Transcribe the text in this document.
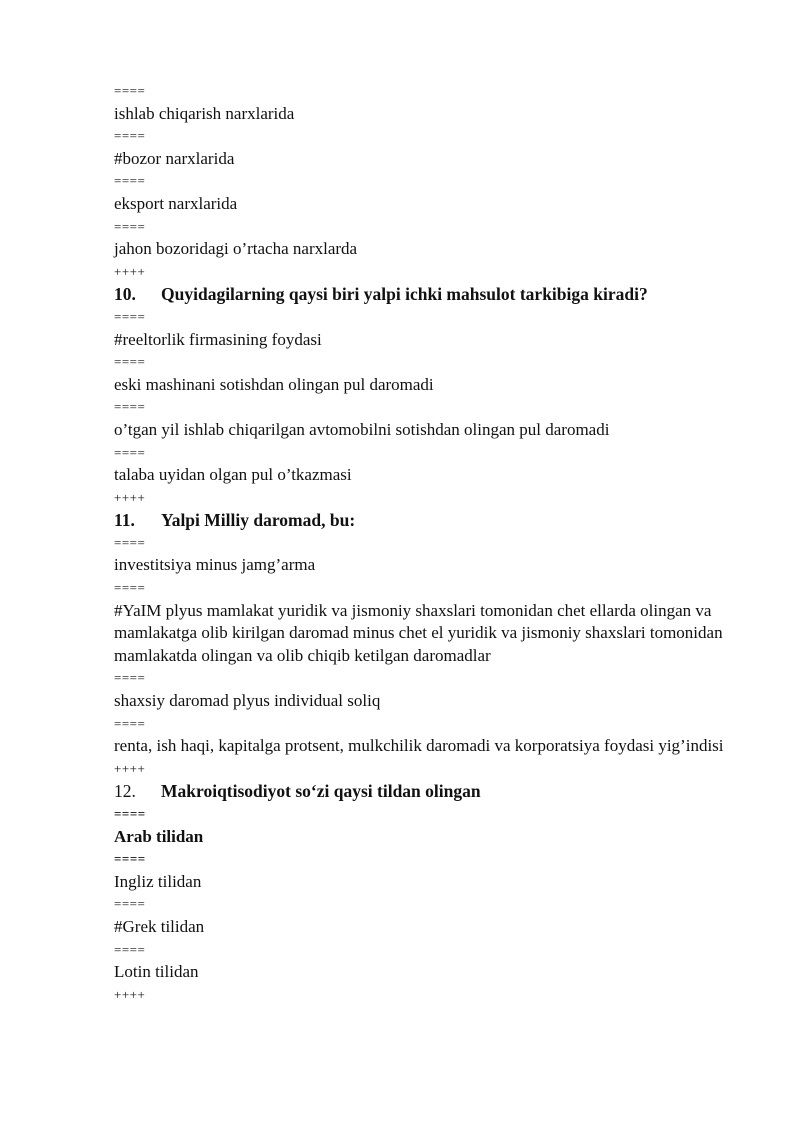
====
ishlab chiqarish narxlarida
====
#bozor narxlarida
====
eksport narxlarida
====
jahon bozoridagi o’rtacha narxlarda
++++
10.	Quyidagilarning qaysi biri yalpi ichki mahsulot tarkibiga kiradi?
====
#reeltorlik firmasining foydasi
====
eski mashinani sotishdan olingan pul daromadi
====
o’tgan yil ishlab chiqarilgan avtomobilni sotishdan olingan pul daromadi
====
talaba uyidan olgan pul o’tkazmasi
++++
11.	Yalpi Milliy daromad, bu:
====
investitsiya minus jamg’arma
====
#YaIM plyus mamlakat yuridik va jismoniy shaxslari tomonidan chet ellarda olingan va mamlakatga olib kirilgan daromad minus chet el yuridik va jismoniy shaxslari tomonidan mamlakatda olingan va olib chiqib ketilgan daromadlar
====
shaxsiy daromad plyus individual soliq
====
renta, ish haqi, kapitalga protsent, mulkchilik daromadi va korporatsiya foydasi yig’indisi
++++
12.	Makroiqtisodiyot so‘zi qaysi tildan olingan
====
Arab tilidan
====
Ingliz tilidan
====
#Grek tilidan
====
Lotin tilidan
++++
